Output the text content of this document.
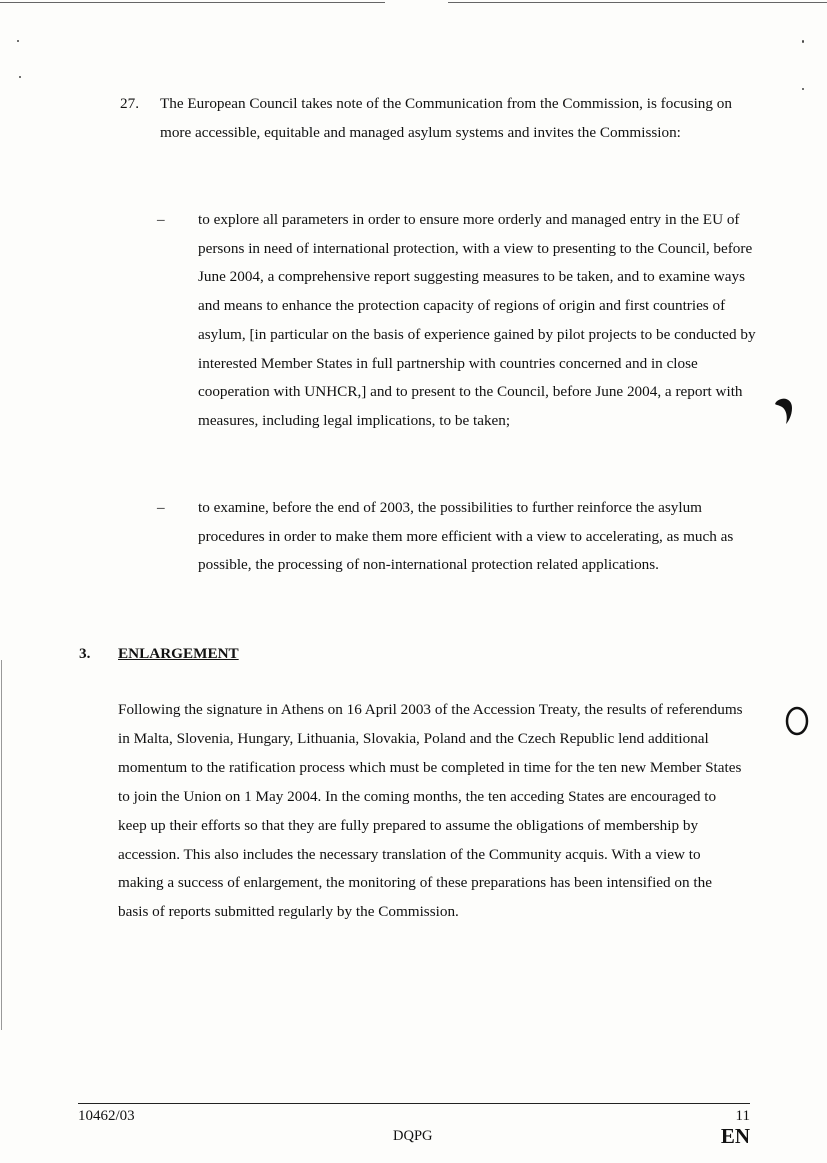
27. The European Council takes note of the Communication from the Commission, is focusing on more accessible, equitable and managed asylum systems and invites the Commission:
– to explore all parameters in order to ensure more orderly and managed entry in the EU of persons in need of international protection, with a view to presenting to the Council, before June 2004, a comprehensive report suggesting measures to be taken, and to examine ways and means to enhance the protection capacity of regions of origin and first countries of asylum, [in particular on the basis of experience gained by pilot projects to be conducted by interested Member States in full partnership with countries concerned and in close cooperation with UNHCR,] and to present to the Council, before June 2004, a report with measures, including legal implications, to be taken;
– to examine, before the end of 2003, the possibilities to further reinforce the asylum procedures in order to make them more efficient with a view to accelerating, as much as possible, the processing of non-international protection related applications.
3. ENLARGEMENT
Following the signature in Athens on 16 April 2003 of the Accession Treaty, the results of referendums in Malta, Slovenia, Hungary, Lithuania, Slovakia, Poland and the Czech Republic lend additional momentum to the ratification process which must be completed in time for the ten new Member States to join the Union on 1 May 2004. In the coming months, the ten acceding States are encouraged to keep up their efforts so that they are fully prepared to assume the obligations of membership by accession. This also includes the necessary translation of the Community acquis. With a view to making a success of enlargement, the monitoring of these preparations has been intensified on the basis of reports submitted regularly by the Commission.
10462/03	11
DQPG	EN
